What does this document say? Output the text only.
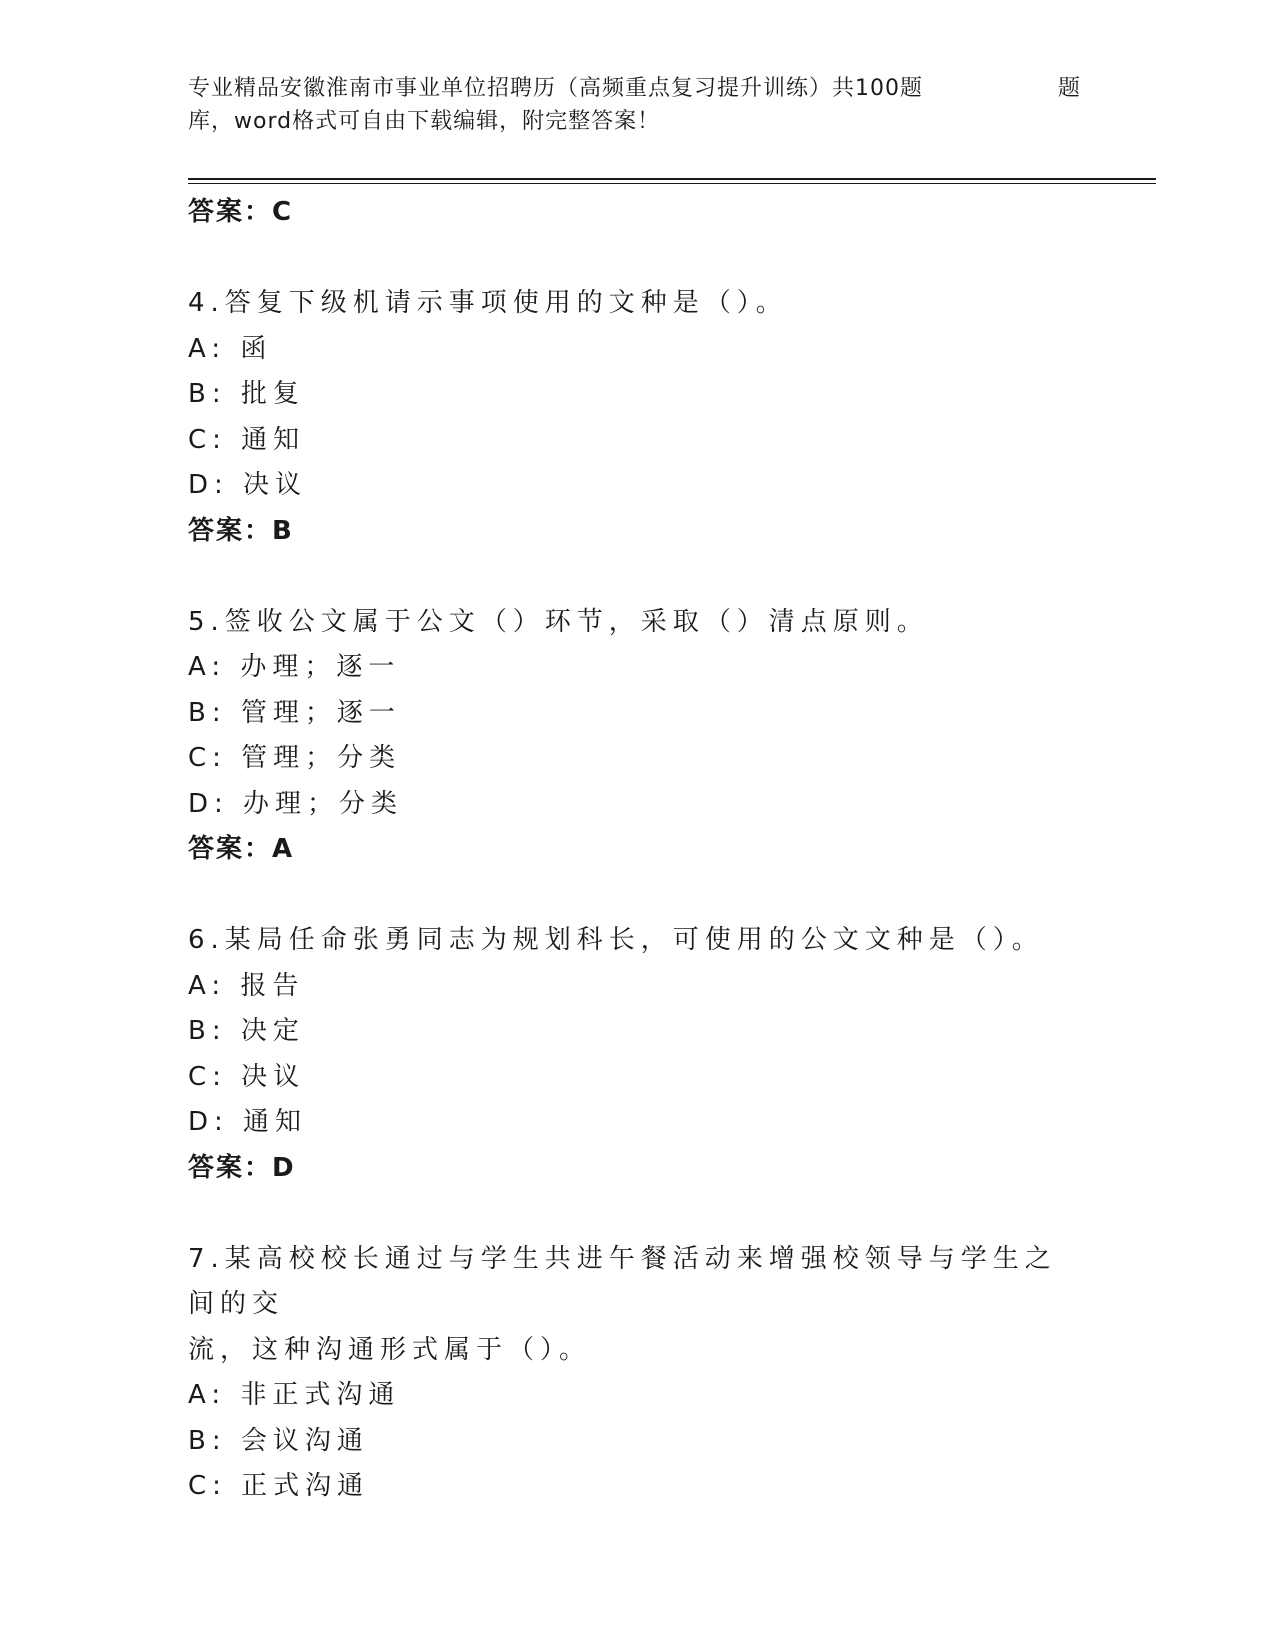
专业精品安徽淮南市事业单位招聘历（高频重点复习提升训练）共100题	题
库，word格式可自由下载编辑，附完整答案！
答案：C
4.答复下级机请示事项使用的文种是（）。
A: 函
B: 批复
C: 通知
D: 决议
答案：B
5.签收公文属于公文（）环节，采取（）清点原则。
A: 办理；逐一
B: 管理；逐一
C: 管理；分类
D: 办理；分类
答案：A
6.某局任命张勇同志为规划科长，可使用的公文文种是（）。
A: 报告
B: 决定
C: 决议
D: 通知
答案：D
7.某高校校长通过与学生共进午餐活动来增强校领导与学生之间的交
流，这种沟通形式属于（）。
A: 非正式沟通
B: 会议沟通
C: 正式沟通
